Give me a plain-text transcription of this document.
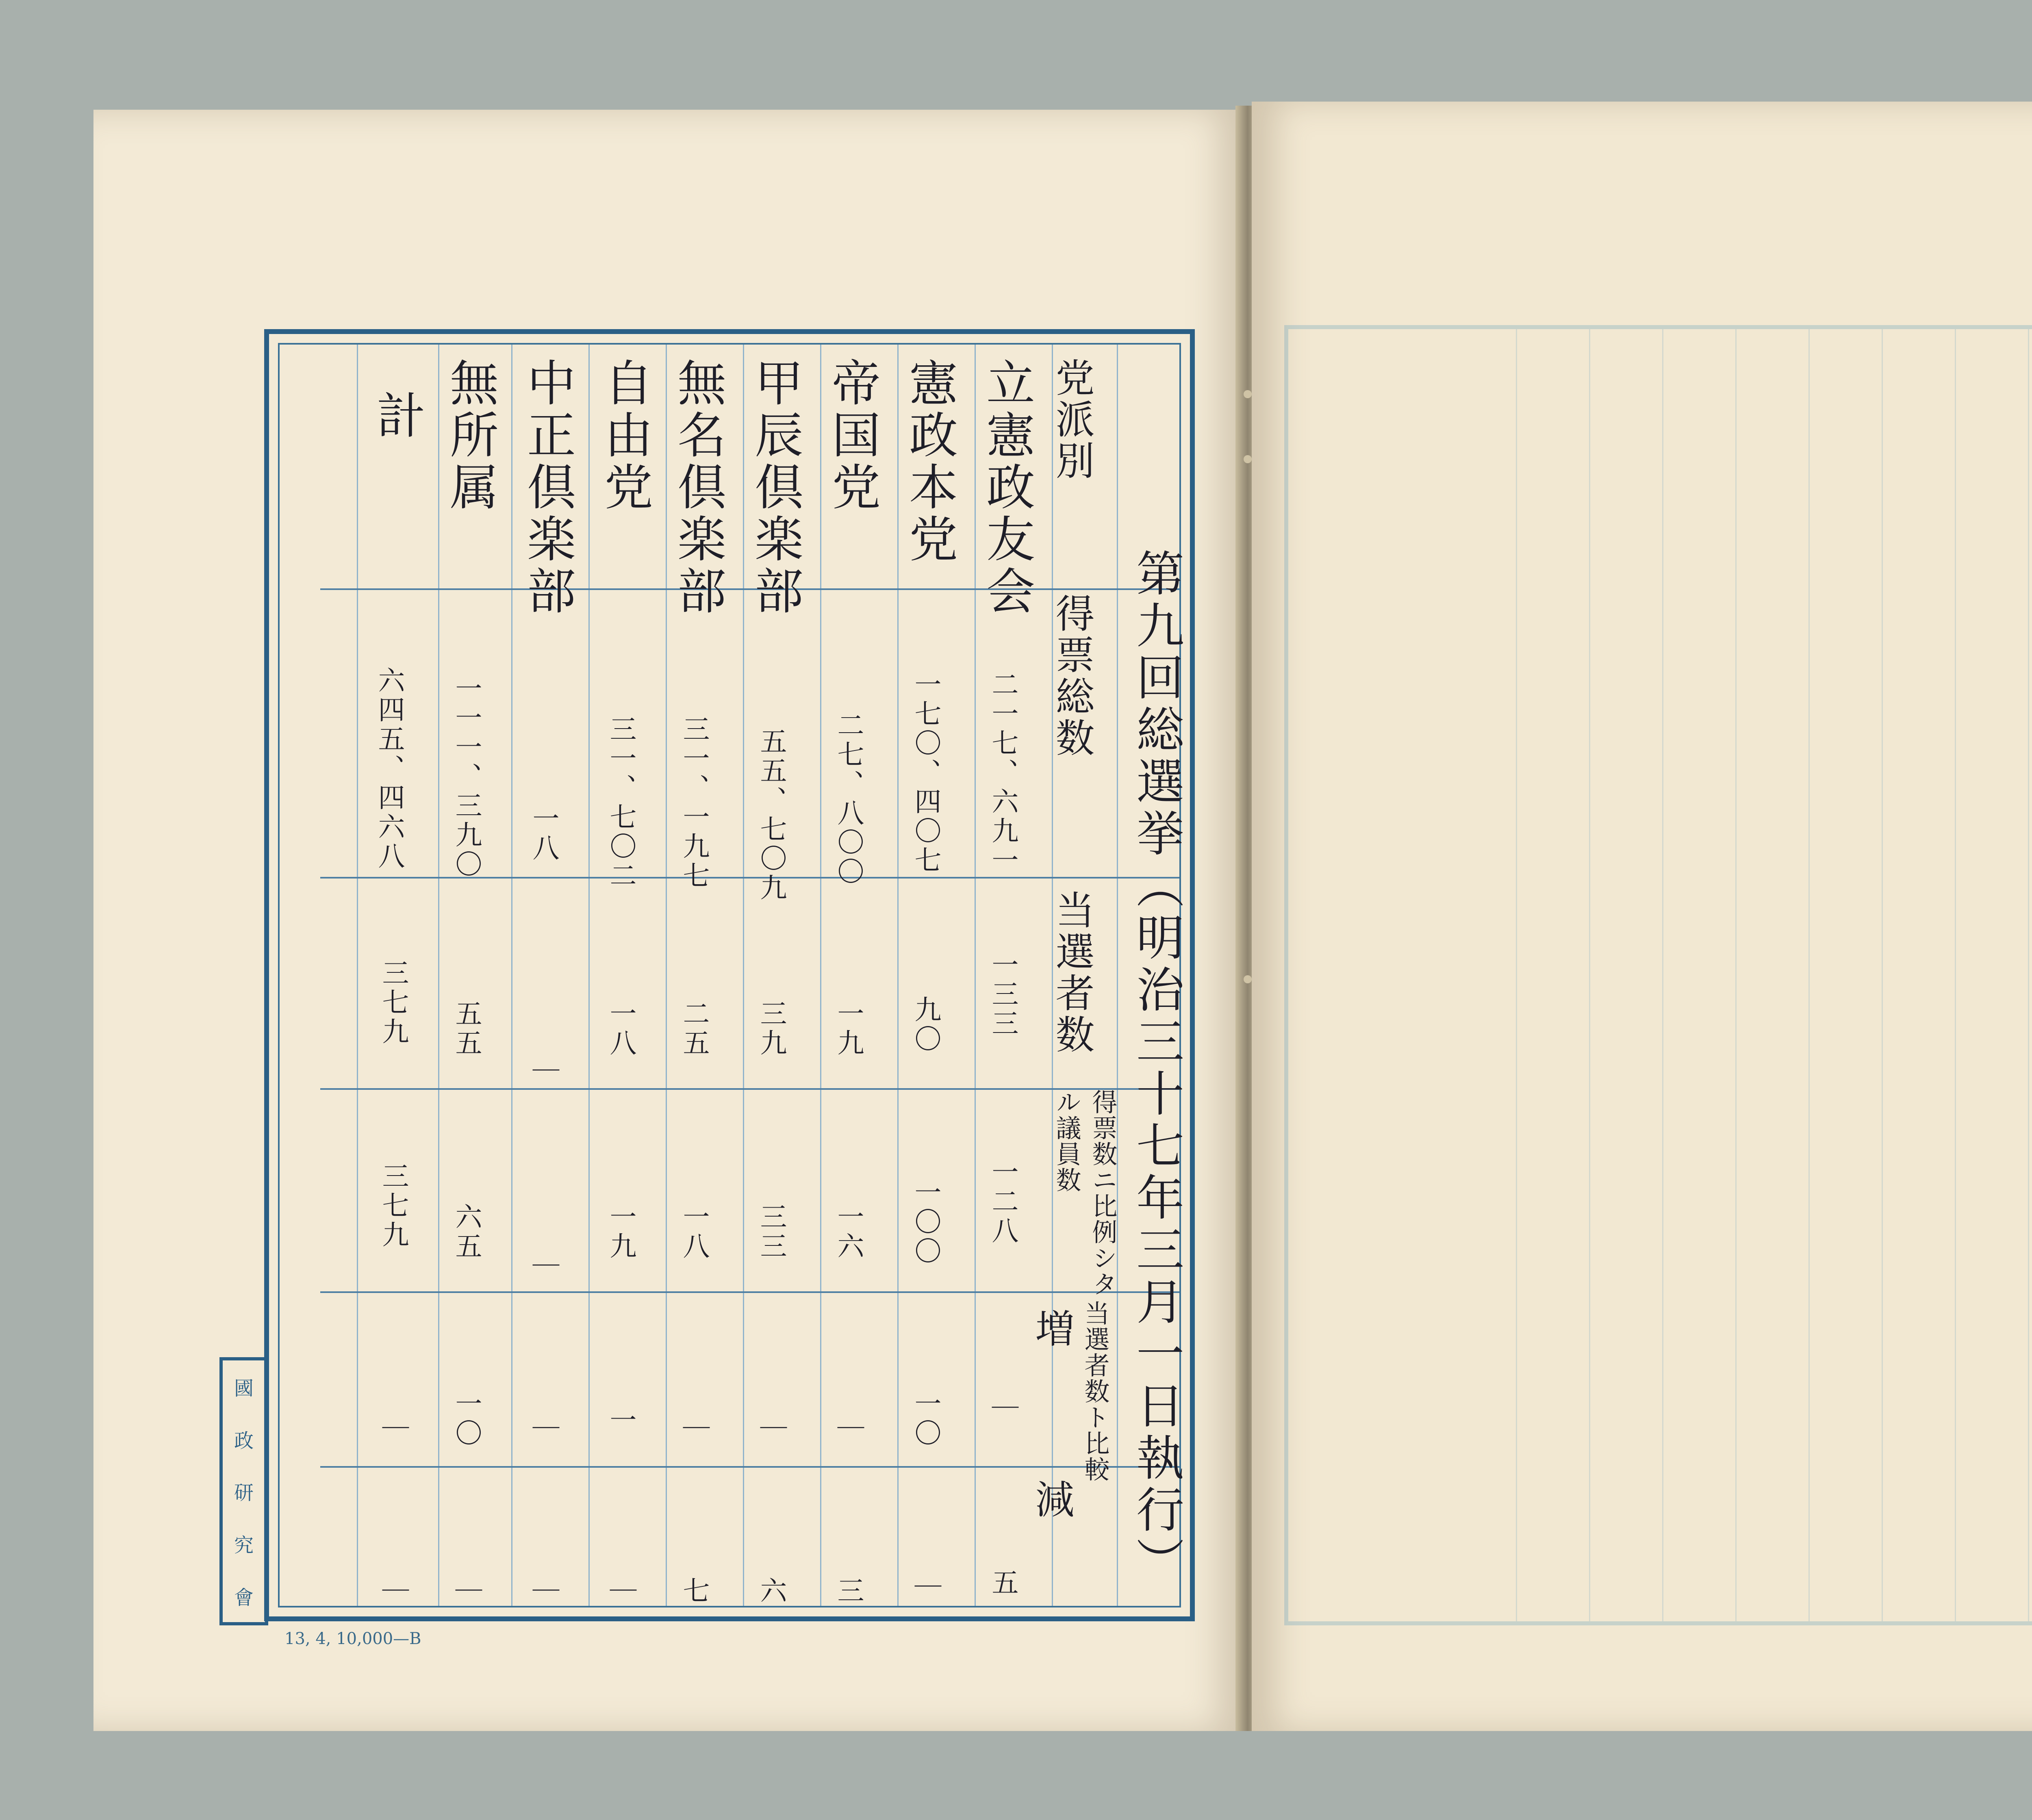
第九回総選挙（明治三十七年三月一日執行）
党派別
得票総数
当選者数
得票数ニ比例シタル議員数
当選者数ト比較
増
減
立憲政友会
二一七、六九一
一三三
一二八
｜
五
憲政本党
一七〇、四〇七
九〇
一〇〇
一〇
｜
帝国党
二七、八〇〇
一九
一六
｜
三
甲辰倶楽部
五五、七〇九
三九
三三
｜
六
無名倶楽部
三一、一九七
二五
一八
｜
七
自由党
三一、七〇二
一八
一九
一
｜
中正倶楽部
一八
｜
｜
｜
｜
無所属
一一一、三九〇
五五
六五
一〇
｜
計
六四五、四六八
三七九
三七九
｜
｜
國
政
研
究
會
13, 4, 10,000—B
